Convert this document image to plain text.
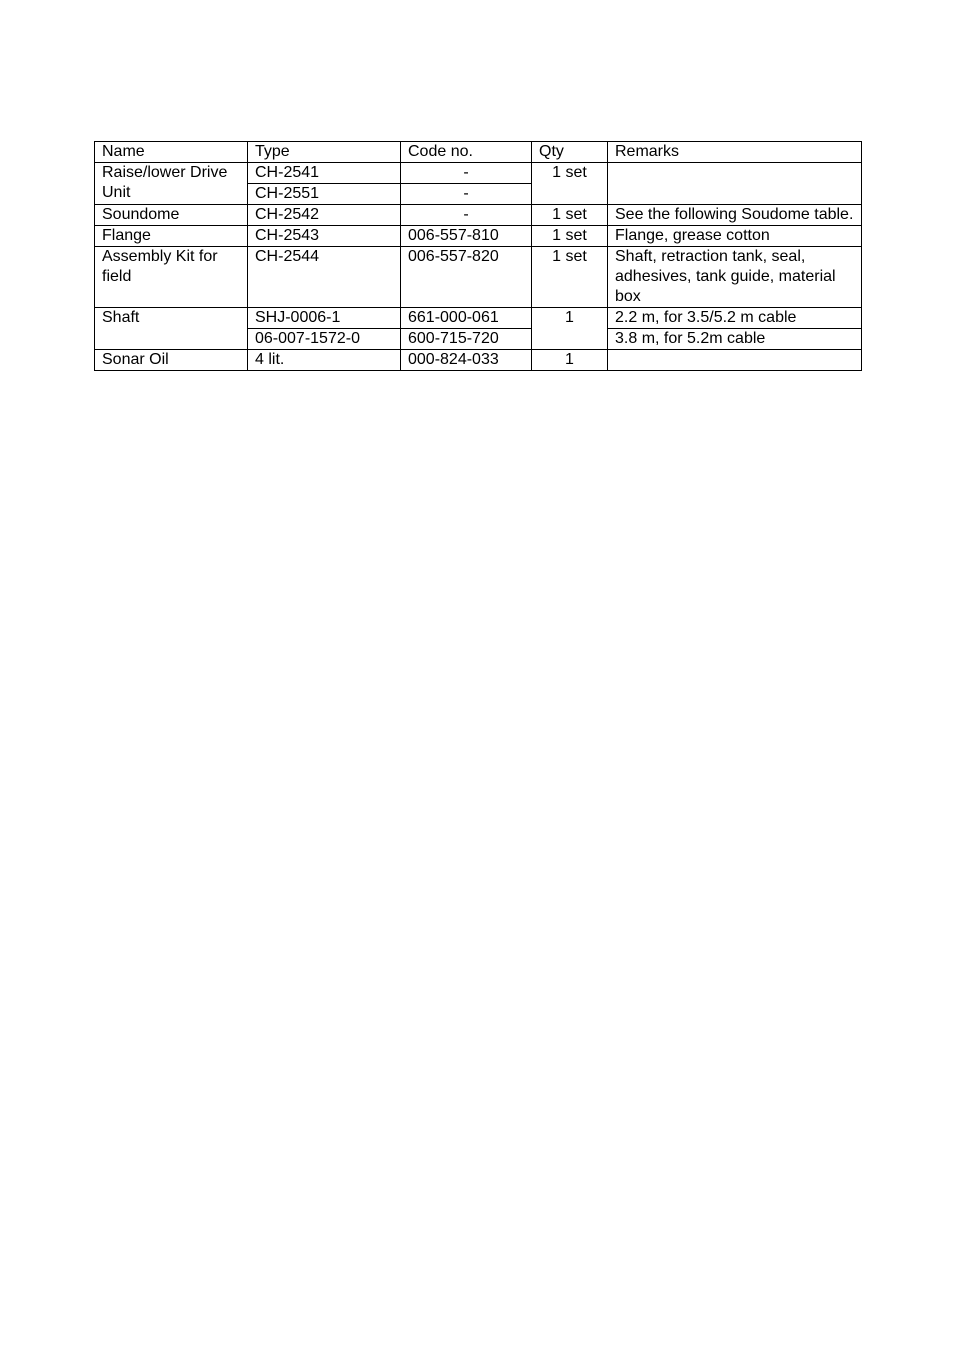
Name	Type	Code no.	Qty	Remarks
Raise/lower Drive Unit	CH-2541	-	1 set	
	CH-2551	-		
Soundome	CH-2542	-	1 set	See the following Soudome table.
Flange	CH-2543	006-557-810	1 set	Flange, grease cotton
Assembly Kit for field	CH-2544	006-557-820	1 set	Shaft, retraction tank, seal, adhesives, tank guide, material box
Shaft	SHJ-0006-1	661-000-061	1	2.2 m, for 3.5/5.2 m cable
	06-007-1572-0	600-715-720		3.8 m, for 5.2m cable
Sonar Oil	4 lit.	000-824-033	1	
